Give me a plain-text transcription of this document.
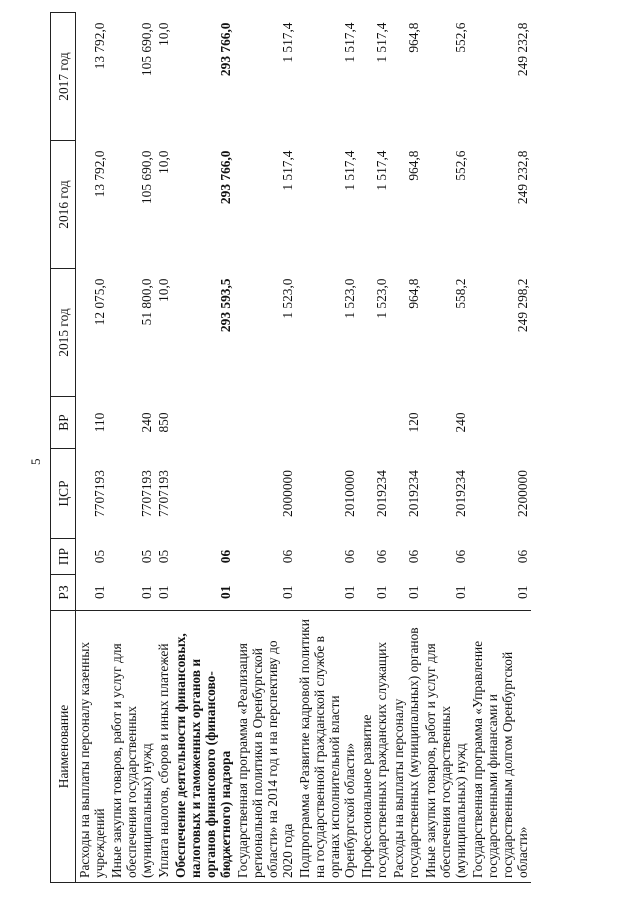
5
Наименование	РЗ	ПР	ЦСР	ВР	2015 год	2016 год	2017 год
Расходы на выплаты персоналу казенных учреждений	01	05	7707193	110	12 075,0	13 792,0	13 792,0
Иные закупки товаров, работ и услуг для обеспечения государственных (муниципальных) нужд	01	05	7707193	240	51 800,0	105 690,0	105 690,0
Уплата налогов, сборов и иных платежей	01	05	7707193	850	10,0	10,0	10,0
Обеспечение деятельности финансовых, налоговых и таможенных органов и органов финансового (финансово-бюджетного) надзора	01	06			293 593,5	293 766,0	293 766,0
Государственная программа «Реализация региональной политики в Оренбургской области» на 2014 год и на перспективу до 2020 года	01	06	2000000		1 523,0	1 517,4	1 517,4
Подпрограмма «Развитие кадровой политики на государственной гражданской службе в органах исполнительной власти Оренбургской области»	01	06	2010000		1 523,0	1 517,4	1 517,4
Профессиональное развитие государственных гражданских служащих	01	06	2019234		1 523,0	1 517,4	1 517,4
Расходы на выплаты персоналу государственных (муниципальных) органов	01	06	2019234	120	964,8	964,8	964,8
Иные закупки товаров, работ и услуг для обеспечения государственных (муниципальных) нужд	01	06	2019234	240	558,2	552,6	552,6
Государственная программа «Управление государственными финансами и государственным долгом Оренбургской области»	01	06	2200000		249 298,2	249 232,8	249 232,8
